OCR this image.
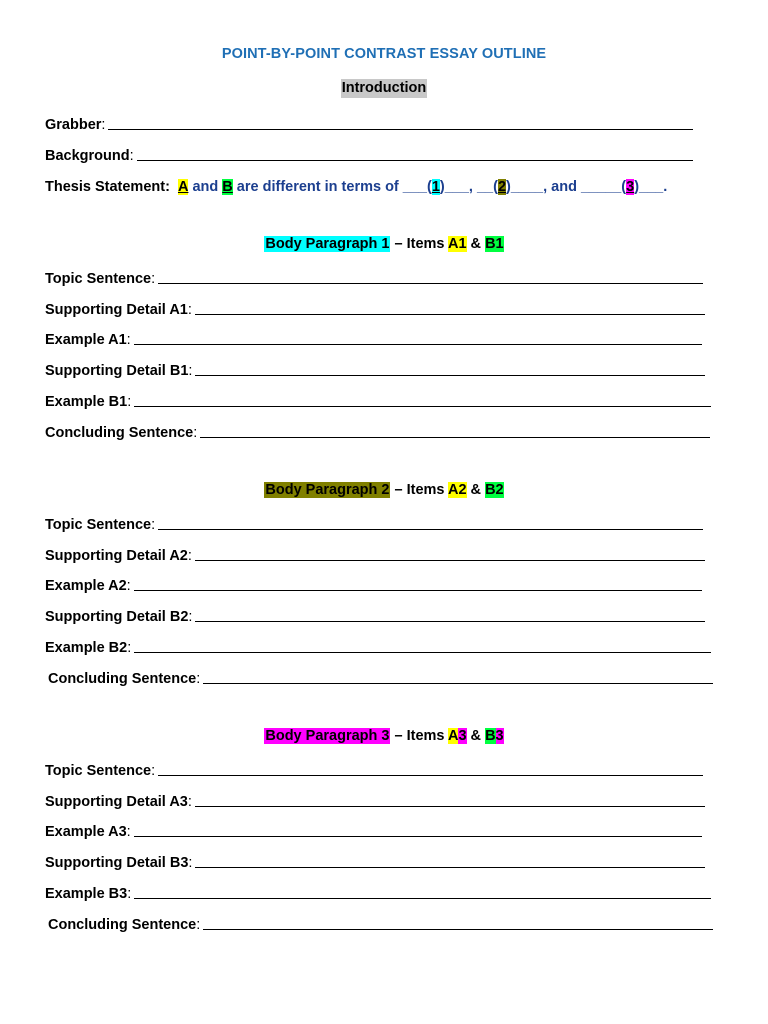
POINT-BY-POINT CONTRAST ESSAY OUTLINE
Introduction
Grabber :
Background :
Thesis Statement:
A and B are different in terms of ___( 1 )___, __( 2 )____, and _____( 3 )___.
Body Paragraph 1 – Items A1 & B1
Topic Sentence :
Supporting Detail A1 :
Example A1 :
Supporting Detail B1 :
Example B1 :
Concluding Sentence :
Body Paragraph 2 – Items A2 & B2
Topic Sentence :
Supporting Detail A2 :
Example A2 :
Supporting Detail B2 :
Example B2 :
Concluding Sentence :
Body Paragraph 3 – Items A3 & B3
Topic Sentence :
Supporting Detail A3 :
Example A3 :
Supporting Detail B3 :
Example B3 :
Concluding Sentence :
